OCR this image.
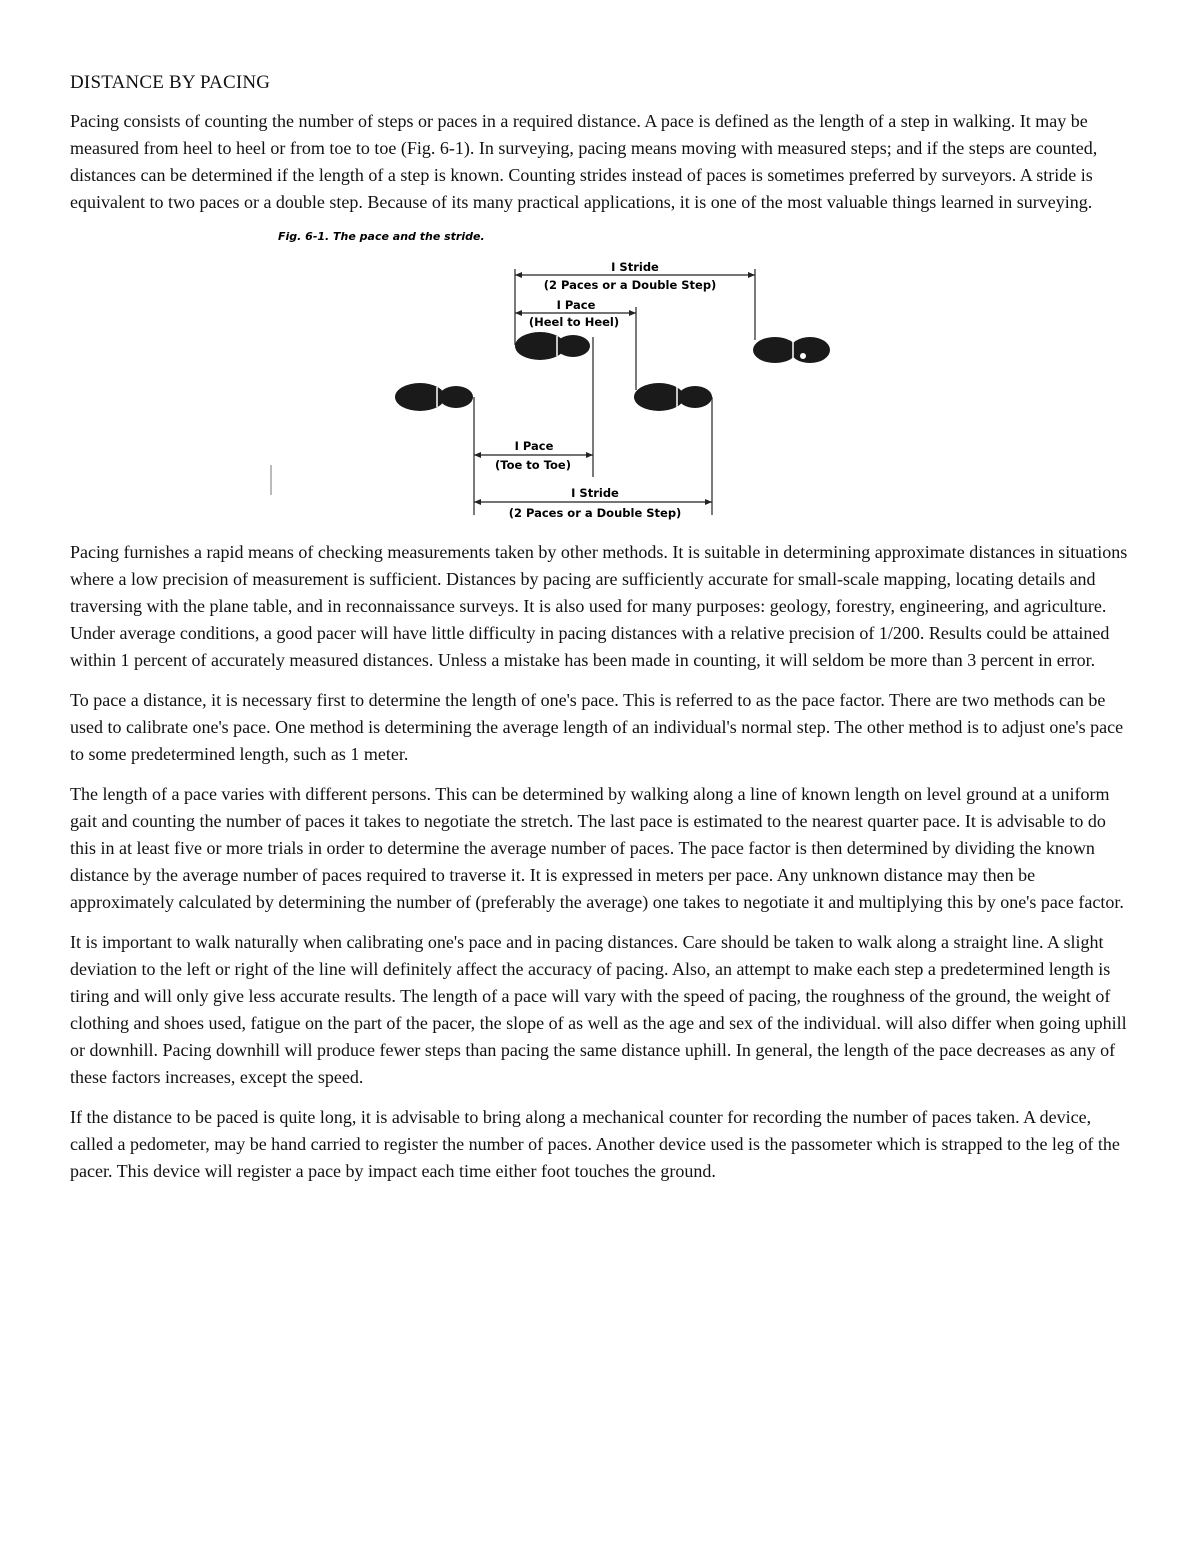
DISTANCE BY PACING

Pacing consists of counting the number of steps or paces in a required distance. A pace is defined as the length of a step in walking. It may be measured from heel to heel or from toe to toe (Fig. 6-1). In surveying, pacing means moving with measured steps; and if the steps are counted, distances can be determined if the length of a step is known. Counting strides instead of paces is sometimes preferred by surveyors. A stride is equivalent to two paces or a double step. Because of its many practical applications, it is one of the most valuable things learned in surveying.

Fig. 6-1. The pace and the stride.
I Stride
(2 Paces or a Double Step)
I Pace
(Heel to Heel)
I Pace
(Toe to Toe)
I Stride
(2 Paces or a Double Step)

Pacing furnishes a rapid means of checking measurements taken by other methods. It is suitable in determining approximate distances in situations where a low precision of measurement is sufficient. Distances by pacing are sufficiently accurate for small-scale mapping, locating details and traversing with the plane table, and in reconnaissance surveys. It is also used for many purposes: geology, forestry, engineering, and agriculture. Under average conditions, a good pacer will have little difficulty in pacing distances with a relative precision of 1/200. Results could be attained within 1 percent of accurately measured distances. Unless a mistake has been made in counting, it will seldom be more than 3 percent in error.

To pace a distance, it is necessary first to determine the length of one's pace. This is referred to as the pace factor. There are two methods can be used to calibrate one's pace. One method is determining the average length of an individual's normal step. The other method is to adjust one's pace to some predetermined length, such as 1 meter.

The length of a pace varies with different persons. This can be determined by walking along a line of known length on level ground at a uniform gait and counting the number of paces it takes to negotiate the stretch. The last pace is estimated to the nearest quarter pace. It is advisable to do this in at least five or more trials in order to determine the average number of paces. The pace factor is then determined by dividing the known distance by the average number of paces required to traverse it. It is expressed in meters per pace. Any unknown distance may then be approximately calculated by determining the number of (preferably the average) one takes to negotiate it and multiplying this by one's pace factor.

It is important to walk naturally when calibrating one's pace and in pacing distances. Care should be taken to walk along a straight line. A slight deviation to the left or right of the line will definitely affect the accuracy of pacing. Also, an attempt to make each step a predetermined length is tiring and will only give less accurate results. The length of a pace will vary with the speed of pacing, the roughness of the ground, the weight of clothing and shoes used, fatigue on the part of the pacer, the slope of as well as the age and sex of the individual. will also differ when going uphill or downhill. Pacing downhill will produce fewer steps than pacing the same distance uphill. In general, the length of the pace decreases as any of these factors increases, except the speed.

If the distance to be paced is quite long, it is advisable to bring along a mechanical counter for recording the number of paces taken. A device, called a pedometer, may be hand carried to register the number of paces. Another device used is the passometer which is strapped to the leg of the pacer. This device will register a pace by impact each time either foot touches the ground.
